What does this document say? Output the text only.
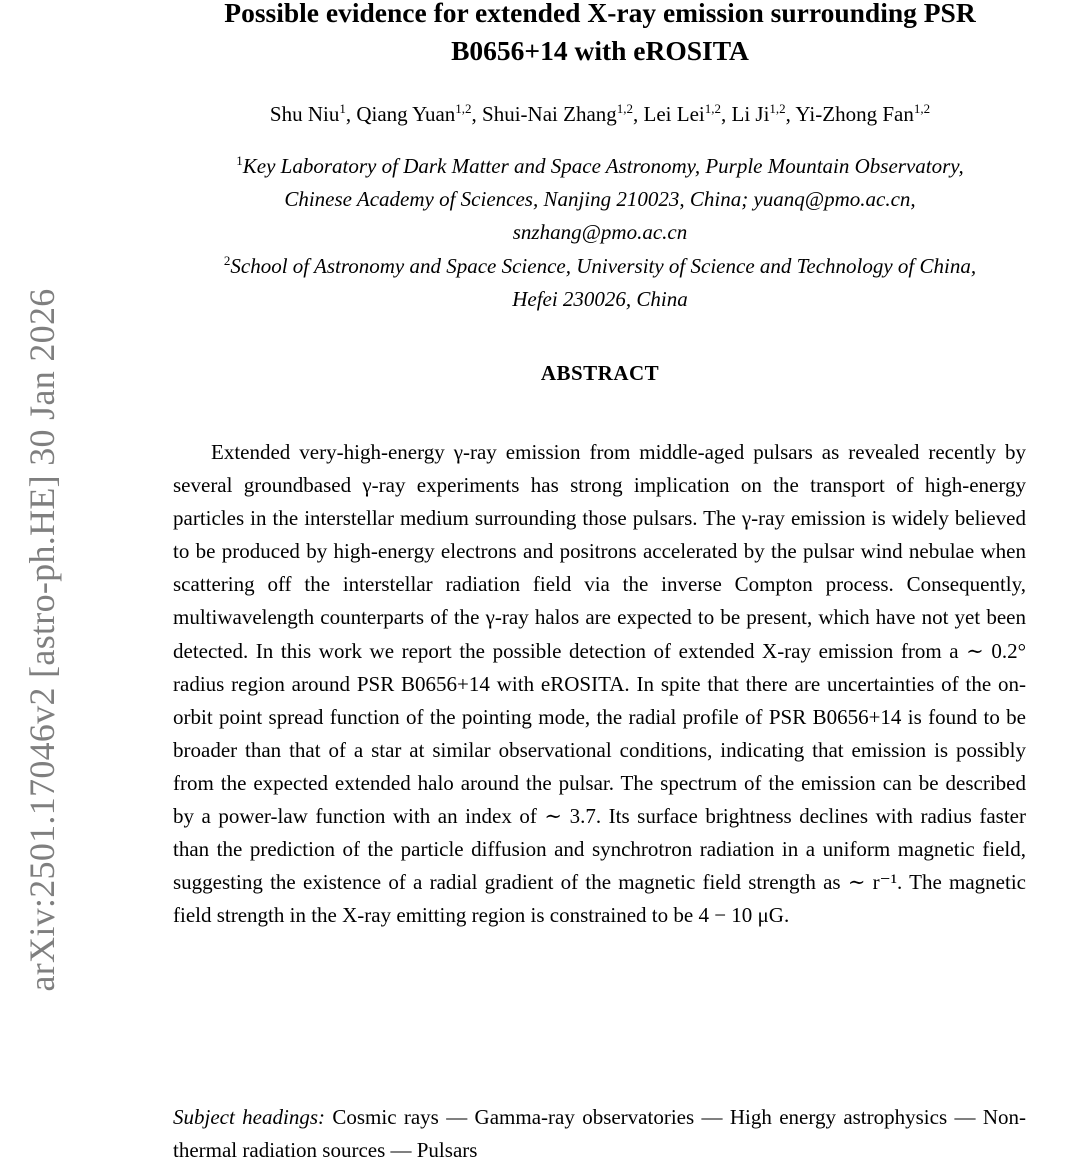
arXiv:2501.17046v2 [astro-ph.HE] 30 Jan 2026
Possible evidence for extended X-ray emission surrounding PSR
B0656+14 with eROSITA
Shu Niu$^1$, Qiang Yuan$^{1,2}$, Shui-Nai Zhang$^{1,2}$, Lei Lei$^{1,2}$, Li Ji$^{1,2}$, Yi-Zhong Fan$^{1,2}$
$^1$Key Laboratory of Dark Matter and Space Astronomy, Purple Mountain Observatory,
Chinese Academy of Sciences, Nanjing 210023, China; yuanq@pmo.ac.cn,
snzhang@pmo.ac.cn
$^2$School of Astronomy and Space Science, University of Science and Technology of China,
Hefei 230026, China
ABSTRACT

Extended very-high-energy γ-ray emission from middle-aged pulsars as revealed recently by several groundbased γ-ray experiments has strong implication on the transport of high-energy particles in the interstellar medium surrounding those pulsars. The γ-ray emission is widely believed to be produced by high-energy electrons and positrons accelerated by the pulsar wind nebulae when scattering off the interstellar radiation field via the inverse Compton process. Consequently, multiwavelength counterparts of the γ-ray halos are expected to be present, which have not yet been detected. In this work we report the possible detection of extended X-ray emission from a ∼ 0.2° radius region around PSR B0656+14 with eROSITA. In spite that there are uncertainties of the on-orbit point spread function of the pointing mode, the radial profile of PSR B0656+14 is found to be broader than that of a star at similar observational conditions, indicating that emission is possibly from the expected extended halo around the pulsar. The spectrum of the emission can be described by a power-law function with an index of ∼ 3.7. Its surface brightness declines with radius faster than the prediction of the particle diffusion and synchrotron radiation in a uniform magnetic field, suggesting the existence of a radial gradient of the magnetic field strength as ∼ r⁻¹. The magnetic field strength in the X-ray emitting region is constrained to be 4 − 10 μG.

Subject headings: Cosmic rays — Gamma-ray observatories — High energy astrophysics — Non-thermal radiation sources — Pulsars
